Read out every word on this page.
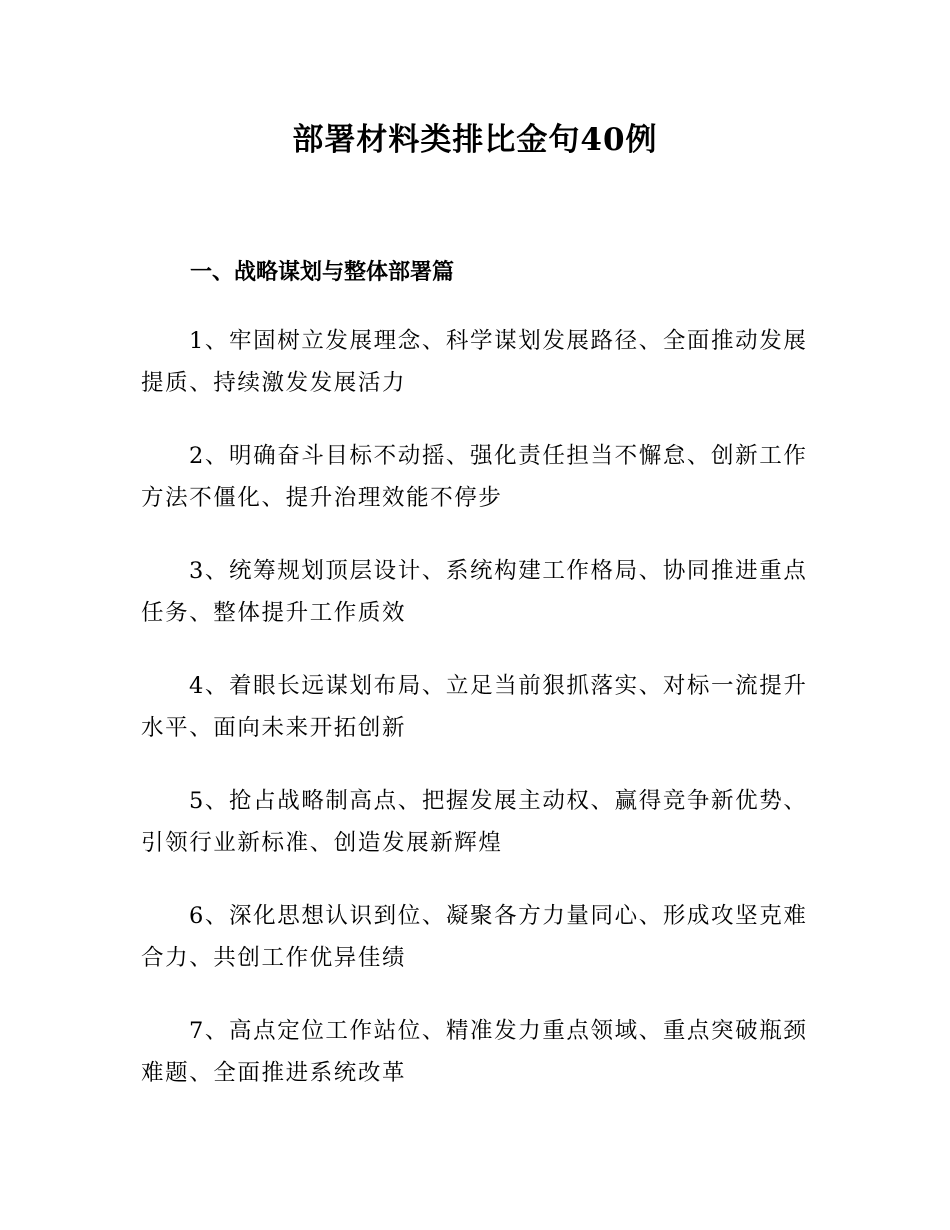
部署材料类排比金句40例
一、战略谋划与整体部署篇
1、牢固树立发展理念、科学谋划发展路径、全面推动发展提质、持续激发发展活力
2、明确奋斗目标不动摇、强化责任担当不懈怠、创新工作方法不僵化、提升治理效能不停步
3、统筹规划顶层设计、系统构建工作格局、协同推进重点任务、整体提升工作质效
4、着眼长远谋划布局、立足当前狠抓落实、对标一流提升水平、面向未来开拓创新
5、抢占战略制高点、把握发展主动权、赢得竞争新优势、引领行业新标准、创造发展新辉煌
6、深化思想认识到位、凝聚各方力量同心、形成攻坚克难合力、共创工作优异佳绩
7、高点定位工作站位、精准发力重点领域、重点突破瓶颈难题、全面推进系统改革
